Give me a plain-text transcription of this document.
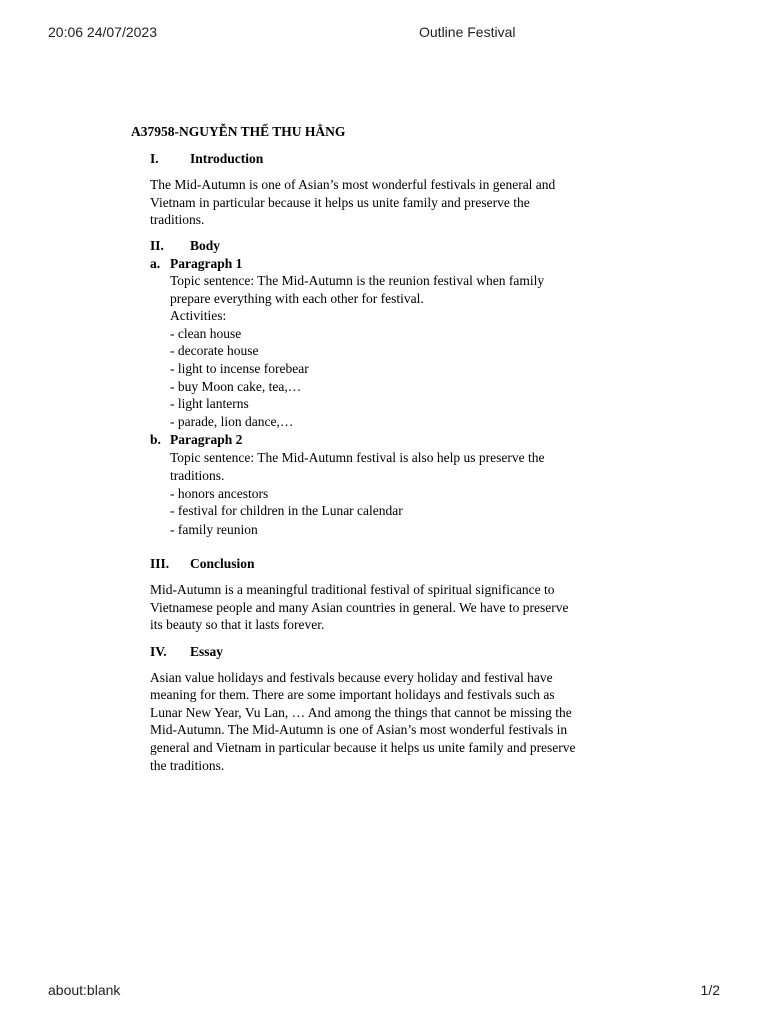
20:06 24/07/2023	Outline Festival
A37958-NGUYỄN THẾ THU HẰNG
I. Introduction
The Mid-Autumn is one of Asian’s most wonderful festivals in general and
Vietnam in particular because it helps us unite family and preserve the
traditions.
II. Body
a. Paragraph 1
Topic sentence: The Mid-Autumn is the reunion festival when family
prepare everything with each other for festival.
Activities:
- clean house
- decorate house
- light to incense forebear
- buy Moon cake, tea,…
- light lanterns
- parade, lion dance,…
b. Paragraph 2
Topic sentence: The Mid-Autumn festival is also help us preserve the
traditions.
- honors ancestors
- festival for children in the Lunar calendar
- family reunion
III. Conclusion
Mid-Autumn is a meaningful traditional festival of spiritual significance to
Vietnamese people and many Asian countries in general. We have to preserve
its beauty so that it lasts forever.
IV. Essay
Asian value holidays and festivals because every holiday and festival have
meaning for them. There are some important holidays and festivals such as
Lunar New Year, Vu Lan, … And among the things that cannot be missing the
Mid-Autumn. The Mid-Autumn is one of Asian’s most wonderful festivals in
general and Vietnam in particular because it helps us unite family and preserve
the traditions.
about:blank	1/2
